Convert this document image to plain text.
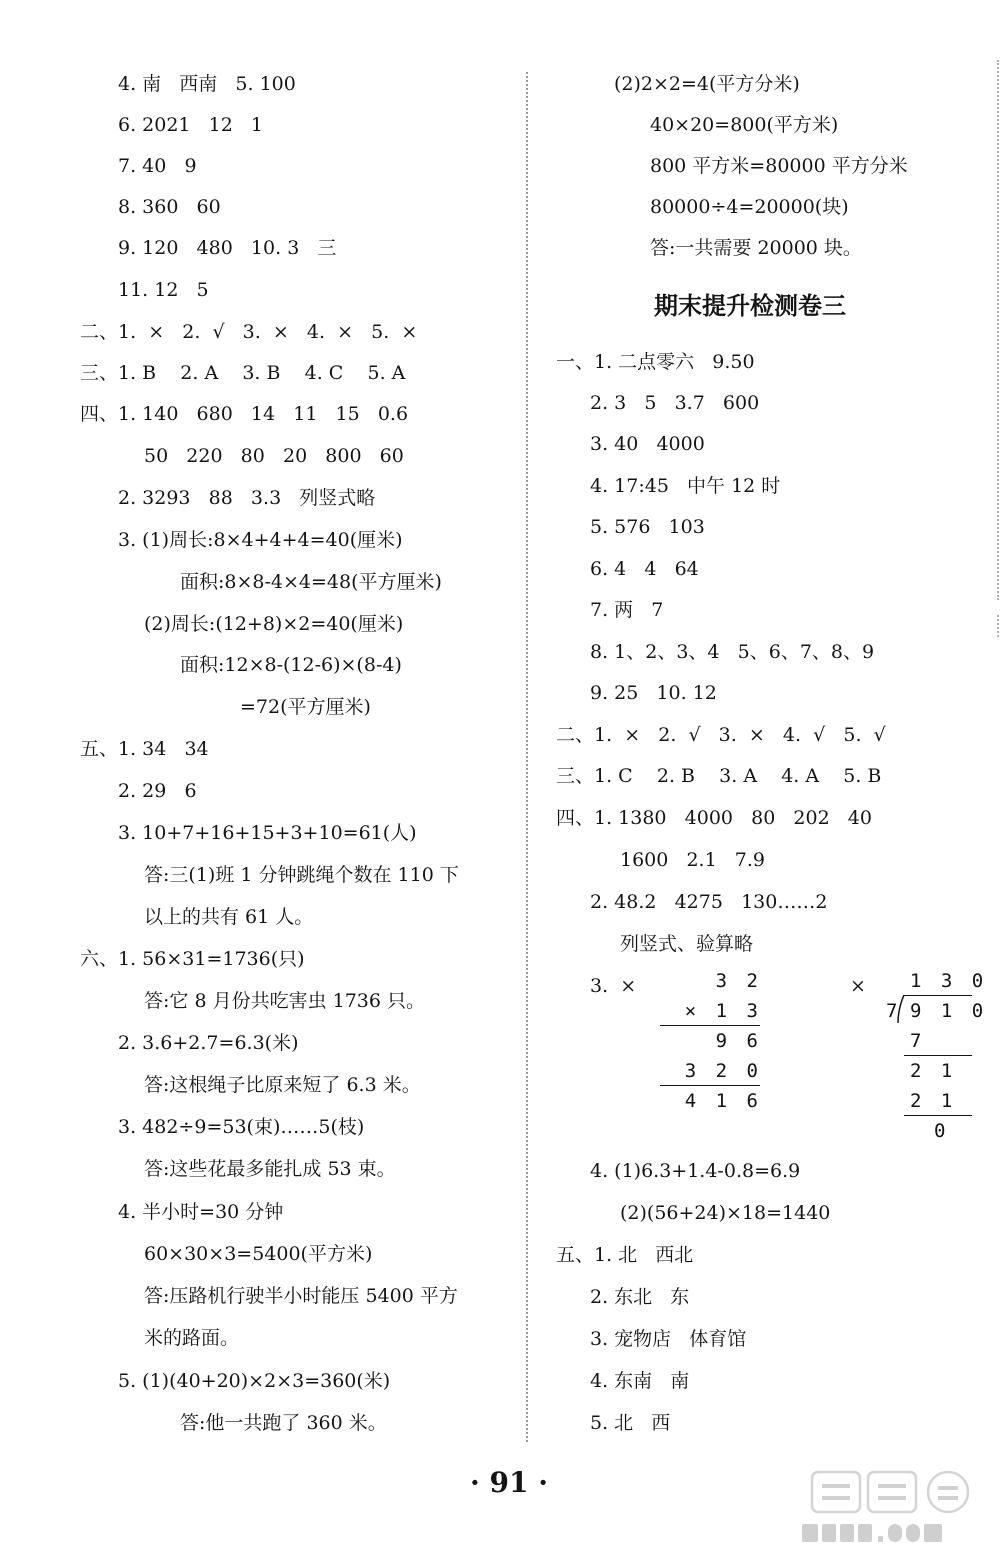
4. 南   西南   5. 100
6. 2021   12   1
7. 40   9
8. 360   60
9. 120   480   10. 3   三
11. 12   5
二、1.  ×   2.  √   3.  ×   4.  ×   5.  ×
三、1. B    2. A    3. B    4. C    5. A
四、1. 140   680   14   11   15   0.6
50   220   80   20   800   60
2. 3293   88   3.3   列竖式略
3. (1)周长:8×4+4+4=40(厘米)
面积:8×8-4×4=48(平方厘米)
(2)周长:(12+8)×2=40(厘米)
面积:12×8-(12-6)×(8-4)
=72(平方厘米)
五、1. 34   34
2. 29   6
3. 10+7+16+15+3+10=61(人)
答:三(1)班 1 分钟跳绳个数在 110 下
以上的共有 61 人。
六、1. 56×31=1736(只)
答:它 8 月份共吃害虫 1736 只。
2. 3.6+2.7=6.3(米)
答:这根绳子比原来短了 6.3 米。
3. 482÷9=53(束)……5(枝)
答:这些花最多能扎成 53 束。
4. 半小时=30 分钟
60×30×3=5400(平方米)
答:压路机行驶半小时能压 5400 平方
米的路面。
5. (1)(40+20)×2×3=360(米)
答:他一共跑了 360 米。
(2)2×2=4(平方分米)
40×20=800(平方米)
800 平方米=80000 平方分米
80000÷4=20000(块)
答:一共需要 20000 块。
期末提升检测卷三
一、1. 二点零六   9.50
2. 3   5   3.7   600
3. 40   4000
4. 17:45   中午 12 时
5. 576   103
6. 4   4   64
7. 两   7
8. 1、2、3、4   5、6、7、8、9
9. 25   10. 12
二、1.  ×   2.  √   3.  ×   4.  √   5.  √
三、1. C    2. B    3. A    4. A    5. B
四、1. 1380   4000   80   202   40
1600   2.1   7.9
2. 48.2   4275   130……2
列竖式、验算略
3.  ×	×
3 2
× 1 3
9 6
3 2 0
4 1 6
1 3 0
7 9 1 0
7
2 1
2 1
0
4. (1)6.3+1.4-0.8=6.9
(2)(56+24)×18=1440
五、1. 北   西北
2. 东北   东
3. 宠物店   体育馆
4. 东南   南
5. 北   西
· 91 ·
